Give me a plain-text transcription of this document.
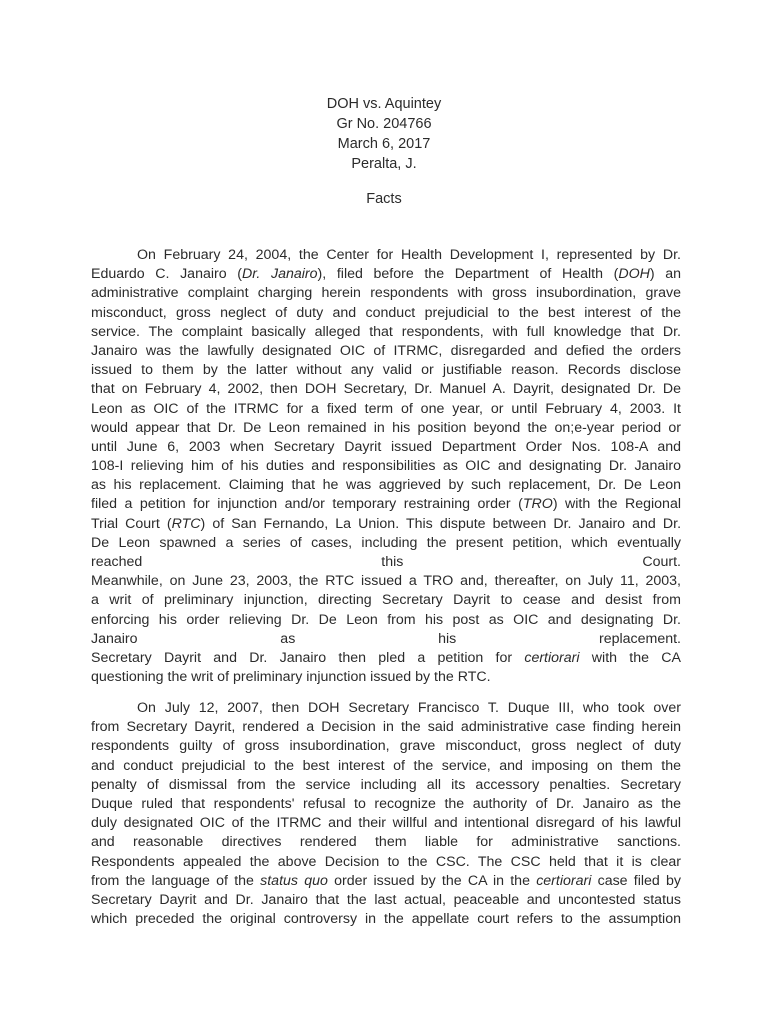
DOH vs. Aquintey
Gr No. 204766
March 6, 2017
Peralta, J.
Facts
On February 24, 2004, the Center for Health Development I, represented by Dr.
Eduardo C. Janairo (Dr. Janairo), filed before the Department of Health (DOH) an
administrative complaint charging herein respondents with gross insubordination, grave
misconduct, gross neglect of duty and conduct prejudicial to the best interest of the
service. The complaint basically alleged that respondents, with full knowledge that Dr.
Janairo was the lawfully designated OIC of ITRMC, disregarded and defied the orders
issued to them by the latter without any valid or justifiable reason. Records disclose
that on February 4, 2002, then DOH Secretary, Dr. Manuel A. Dayrit, designated Dr. De
Leon as OIC of the ITRMC for a fixed term of one year, or until February 4, 2003. It
would appear that Dr. De Leon remained in his position beyond the on;e-year period or
until June 6, 2003 when Secretary Dayrit issued Department Order Nos. 108-A and
108-I relieving him of his duties and responsibilities as OIC and designating Dr. Janairo
as his replacement. Claiming that he was aggrieved by such replacement, Dr. De Leon
filed a petition for injunction and/or temporary restraining order (TRO) with the Regional
Trial Court (RTC) of San Fernando, La Union. This dispute between Dr. Janairo and Dr.
De Leon spawned a series of cases, including the present petition, which eventually
reached this Court.
Meanwhile, on June 23, 2003, the RTC issued a TRO and, thereafter, on July 11, 2003,
a writ of preliminary injunction, directing Secretary Dayrit to cease and desist from
enforcing his order relieving Dr. De Leon from his post as OIC and designating Dr.
Janairo as his replacement.
Secretary Dayrit and Dr. Janairo then pled a petition for certiorari with the CA
questioning the writ of preliminary injunction issued by the RTC.
On July 12, 2007, then DOH Secretary Francisco T. Duque III, who took over
from Secretary Dayrit, rendered a Decision in the said administrative case finding herein
respondents guilty of gross insubordination, grave misconduct, gross neglect of duty
and conduct prejudicial to the best interest of the service, and imposing on them the
penalty of dismissal from the service including all its accessory penalties. Secretary
Duque ruled that respondents' refusal to recognize the authority of Dr. Janairo as the
duly designated OIC of the ITRMC and their willful and intentional disregard of his lawful
and reasonable directives rendered them liable for administrative sanctions.
Respondents appealed the above Decision to the CSC. The CSC held that it is clear
from the language of the status quo order issued by the CA in the certiorari case filed by
Secretary Dayrit and Dr. Janairo that the last actual, peaceable and uncontested status
which preceded the original controversy in the appellate court refers to the assumption
